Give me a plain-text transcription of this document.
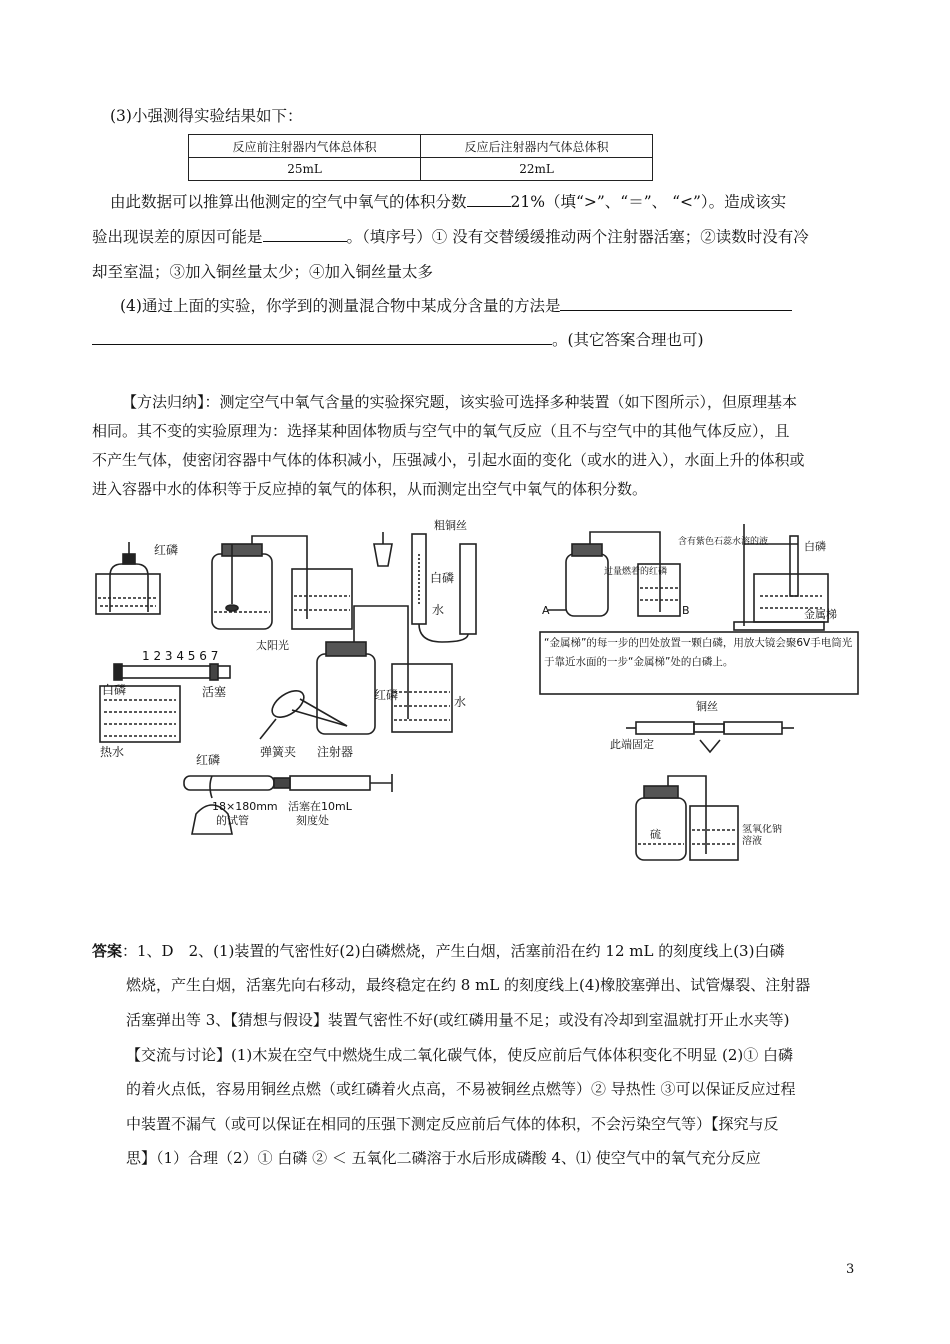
(3)小强测得实验结果如下：
反应前注射器内气体总体积	反应后注射器内气体总体积
25mL	22mL
由此数据可以推算出他测定的空气中氧气的体积分数	21%（填“>”、“＝”、 “<”）。造成该实
验出现误差的原因可能是	。（填序号）① 没有交替缓缓推动两个注射器活塞；②读数时没有冷
却至室温；③加入铜丝量太少；④加入铜丝量太多
(4)通过上面的实验，你学到的测量混合物中某成分含量的方法是
。(其它答案合理也可)
【方法归纳】：测定空气中氧气含量的实验探究题，该实验可选择多种装置（如下图所示），但原理基本
相同。其不变的实验原理为：选择某种固体物质与空气中的氧气反应（且不与空气中的其他气体反应），且
不产生气体，使密闭容器中气体的体积减小，压强减小，引起水面的变化（或水的进入），水面上升的体积或
进入容器中水的体积等于反应掉的氧气的体积，从而测定出空气中氧气的体积分数。
红磷
粗铜丝
白磷
水
1 2 3 4 5 6 7
白磷	活塞
热水
太阳光
红磷	水
红磷
弹簧夹 注射器
18×180mm
的试管
活塞在10mL
刻度处
过量燃着的红磷
含有紫色石蕊水溶的液
A	B
白磷
金属梯
“金属梯”的每一步的凹处放置一颗白磷，用放大镜会聚6V手电筒光于靠近水面的一步“金属梯”处的白磷上。
铜丝
此端固定
硫	氢氧化钠溶液
答案：1、D　2、(1)装置的气密性好(2)白磷燃烧，产生白烟，活塞前沿在约 12 mL 的刻度线上(3)白磷
燃烧，产生白烟，活塞先向右移动，最终稳定在约 8 mL 的刻度线上(4)橡胶塞弹出、试管爆裂、注射器
活塞弹出等 3、【猜想与假设】装置气密性不好(或红磷用量不足；或没有冷却到室温就打开止水夹等)
【交流与讨论】(1)木炭在空气中燃烧生成二氧化碳气体，使反应前后气体体积变化不明显 (2)① 白磷
的着火点低，容易用铜丝点燃（或红磷着火点高，不易被铜丝点燃等）② 导热性 ③可以保证反应过程
中装置不漏气（或可以保证在相同的压强下测定反应前后气体的体积，不会污染空气等）【探究与反
思】（1）合理（2）① 白磷 ② ＜ 五氧化二磷溶于水后形成磷酸 4、⑴ 使空气中的氧气充分反应
3
